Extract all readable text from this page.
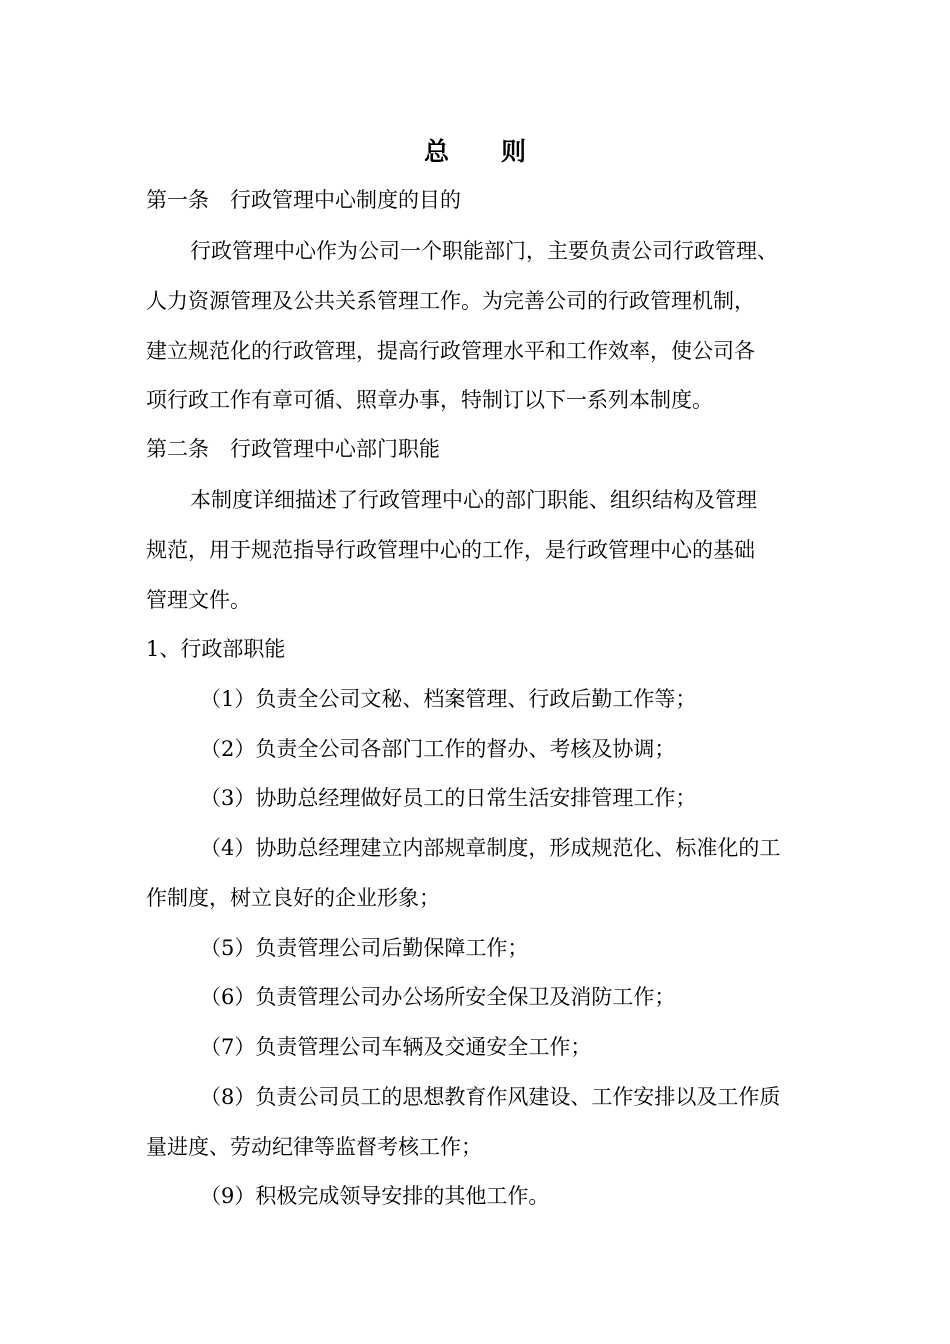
总则
第一条　行政管理中心制度的目的
行政管理中心作为公司一个职能部门，主要负责公司行政管理、
人力资源管理及公共关系管理工作。为完善公司的行政管理机制，
建立规范化的行政管理，提高行政管理水平和工作效率，使公司各
项行政工作有章可循、照章办事，特制订以下一系列本制度。
第二条　行政管理中心部门职能
本制度详细描述了行政管理中心的部门职能、组织结构及管理
规范，用于规范指导行政管理中心的工作，是行政管理中心的基础
管理文件。
1、行政部职能
（1）负责全公司文秘、档案管理、行政后勤工作等；
（2）负责全公司各部门工作的督办、考核及协调；
（3）协助总经理做好员工的日常生活安排管理工作；
（4）协助总经理建立内部规章制度，形成规范化、标准化的工
作制度，树立良好的企业形象；
（5）负责管理公司后勤保障工作；
（6）负责管理公司办公场所安全保卫及消防工作；
（7）负责管理公司车辆及交通安全工作；
（8）负责公司员工的思想教育作风建设、工作安排以及工作质
量进度、劳动纪律等监督考核工作；
（9）积极完成领导安排的其他工作。
